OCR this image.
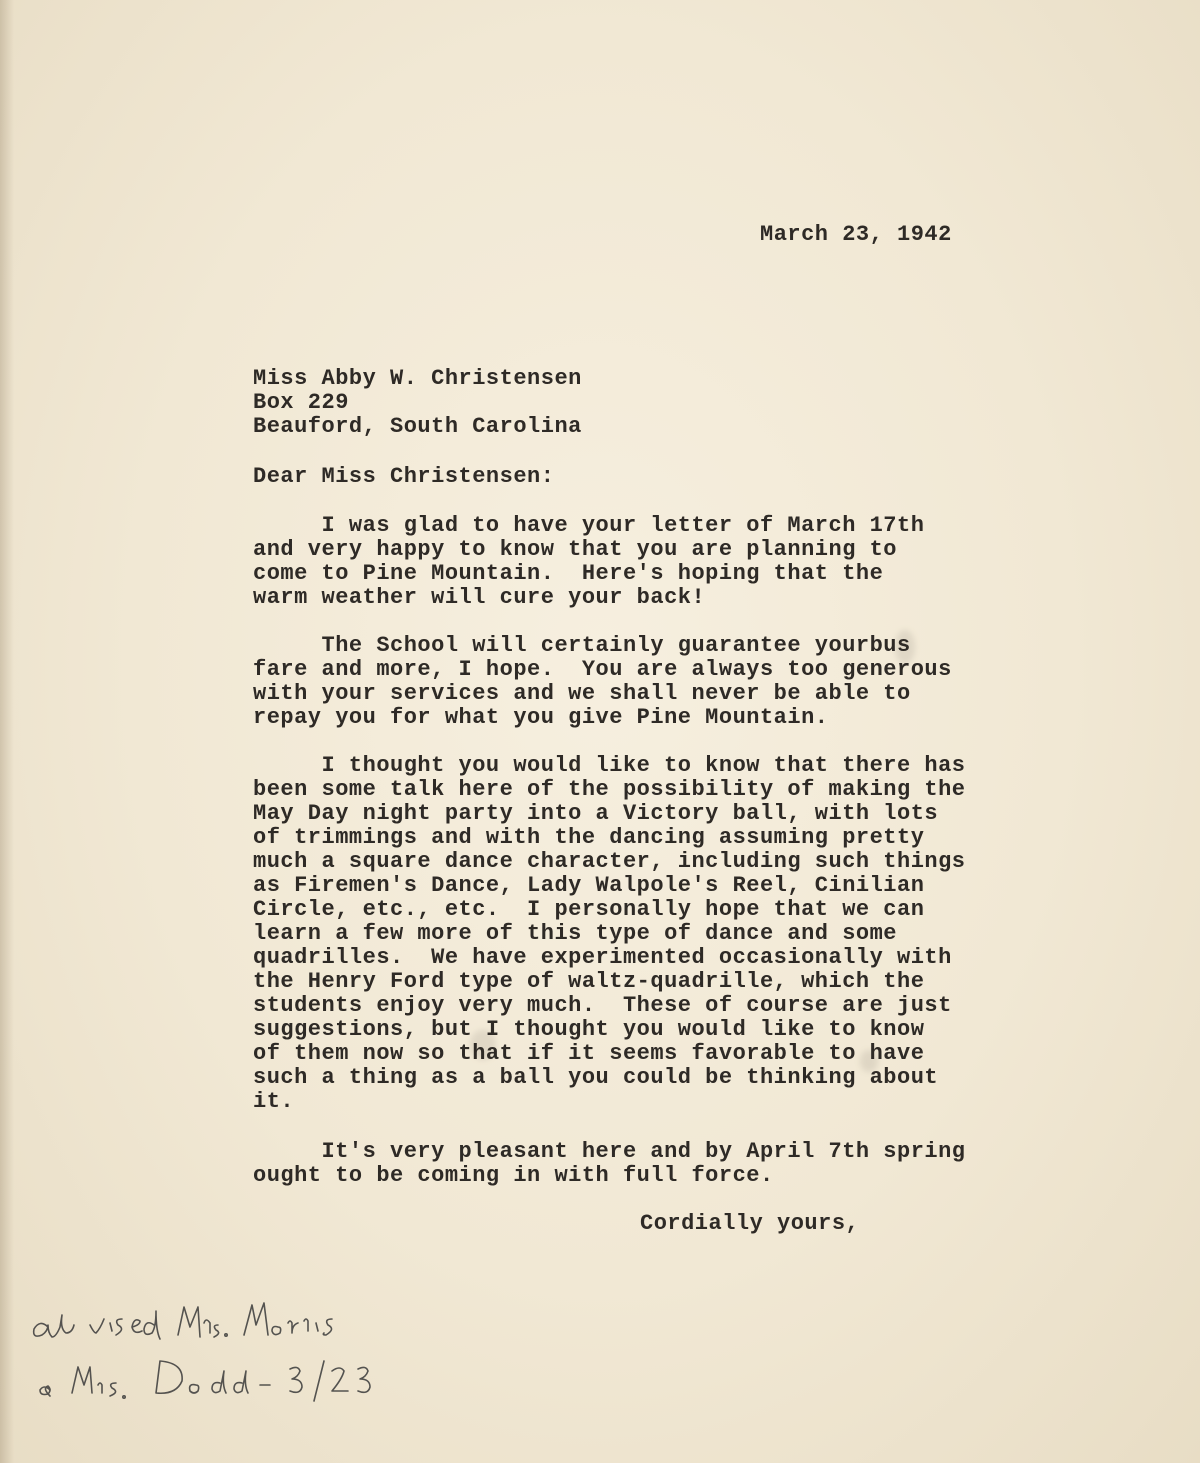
March 23, 1942
Miss Abby W. Christensen
Box 229
Beauford, South Carolina
Dear Miss Christensen:
I was glad to have your letter of March 17th
and very happy to know that you are planning to
come to Pine Mountain.  Here's hoping that the
warm weather will cure your back!
The School will certainly guarantee yourbus
fare and more, I hope.  You are always too generous
with your services and we shall never be able to
repay you for what you give Pine Mountain.
I thought you would like to know that there has
been some talk here of the possibility of making the
May Day night party into a Victory ball, with lots
of trimmings and with the dancing assuming pretty
much a square dance character, including such things
as Firemen's Dance, Lady Walpole's Reel, Cinilian
Circle, etc., etc.  I personally hope that we can
learn a few more of this type of dance and some
quadrilles.  We have experimented occasionally with
the Henry Ford type of waltz-quadrille, which the
students enjoy very much.  These of course are just
suggestions, but I thought you would like to know
of them now so that if it seems favorable to have
such a thing as a ball you could be thinking about
it.
It's very pleasant here and by April 7th spring
ought to be coming in with full force.
Cordially yours,
